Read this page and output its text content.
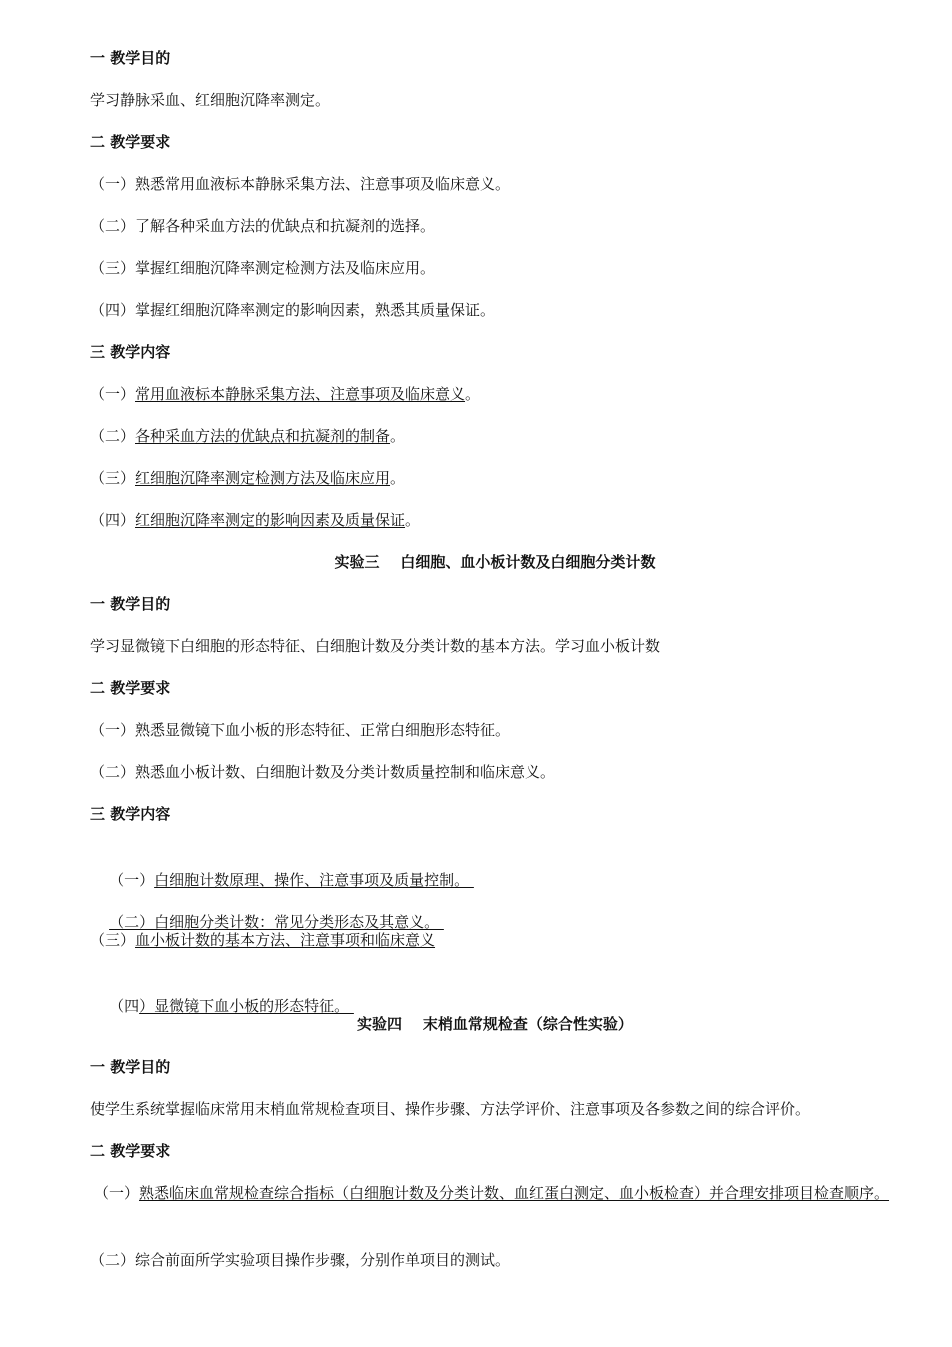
一 教学目的
学习静脉采血、红细胞沉降率测定。
二 教学要求
（一）熟悉常用血液标本静脉采集方法、注意事项及临床意义。
（二）了解各种采血方法的优缺点和抗凝剂的选择。
（三）掌握红细胞沉降率测定检测方法及临床应用。
（四）掌握红细胞沉降率测定的影响因素，熟悉其质量保证。
三 教学内容
（一）常用血液标本静脉采集方法、注意事项及临床意义。
（二）各种采血方法的优缺点和抗凝剂的制备。
（三）红细胞沉降率测定检测方法及临床应用。
（四）红细胞沉降率测定的影响因素及质量保证。
实验三    白细胞、血小板计数及白细胞分类计数
一 教学目的
学习显微镜下白细胞的形态特征、白细胞计数及分类计数的基本方法。学习血小板计数
二 教学要求
（一）熟悉显微镜下血小板的形态特征、正常白细胞形态特征。
（二）熟悉血小板计数、白细胞计数及分类计数质量控制和临床意义。
三 教学内容

（一）白细胞计数原理、操作、注意事项及质量控制。

（二）白细胞分类计数：常见分类形态及其意义。

（三）血小板计数的基本方法、注意事项和临床意义

（四）显微镜下血小板的形态特征。

实验四    末梢血常规检查（综合性实验）
一 教学目的
使学生系统掌握临床常用末梢血常规检查项目、操作步骤、方法学评价、注意事项及各参数之间的综合评价。
二 教学要求
（一）熟悉临床血常规检查综合指标（白细胞计数及分类计数、血红蛋白测定、血小板检查）并合理安排项目检查顺序。
（二）综合前面所学实验项目操作步骤，分别作单项目的测试。
